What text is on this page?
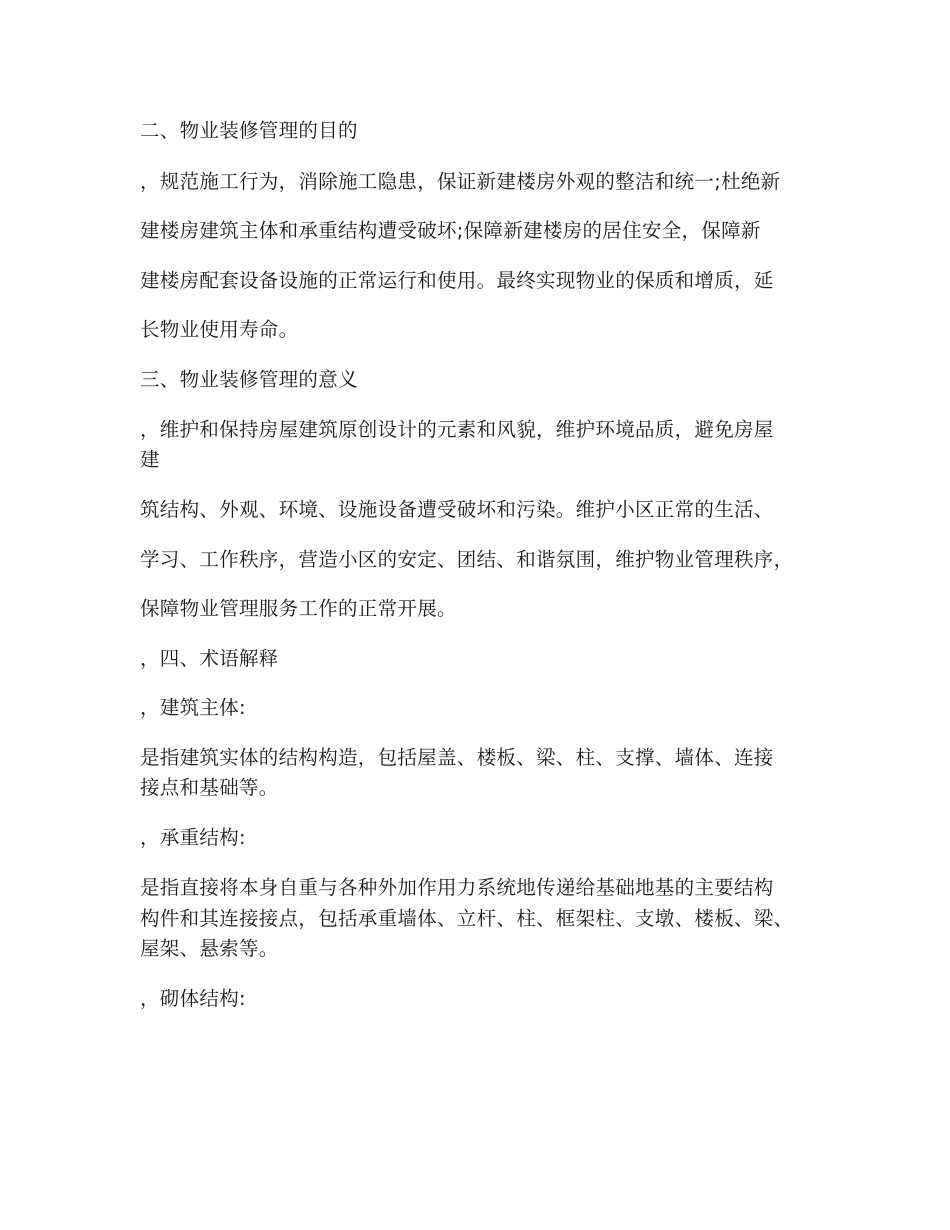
二、物业装修管理的目的

，规范施工行为，消除施工隐患，保证新建楼房外观的整洁和统一;杜绝新

建楼房建筑主体和承重结构遭受破坏;保障新建楼房的居住安全，保障新

建楼房配套设备设施的正常运行和使用。最终实现物业的保质和增质，延

长物业使用寿命。

三、物业装修管理的意义

，维护和保持房屋建筑原创设计的元素和风貌，维护环境品质，避免房屋

建

筑结构、外观、环境、设施设备遭受破坏和污染。维护小区正常的生活、

学习、工作秩序，营造小区的安定、团结、和谐氛围，维护物业管理秩序，

保障物业管理服务工作的正常开展。

，四、术语解释

，建筑主体:

是指建筑实体的结构构造，包括屋盖、楼板、梁、柱、支撑、墙体、连接

接点和基础等。

，承重结构:

是指直接将本身自重与各种外加作用力系统地传递给基础地基的主要结构

构件和其连接接点，包括承重墙体、立杆、柱、框架柱、支墩、楼板、梁、

屋架、悬索等。

，砌体结构:
